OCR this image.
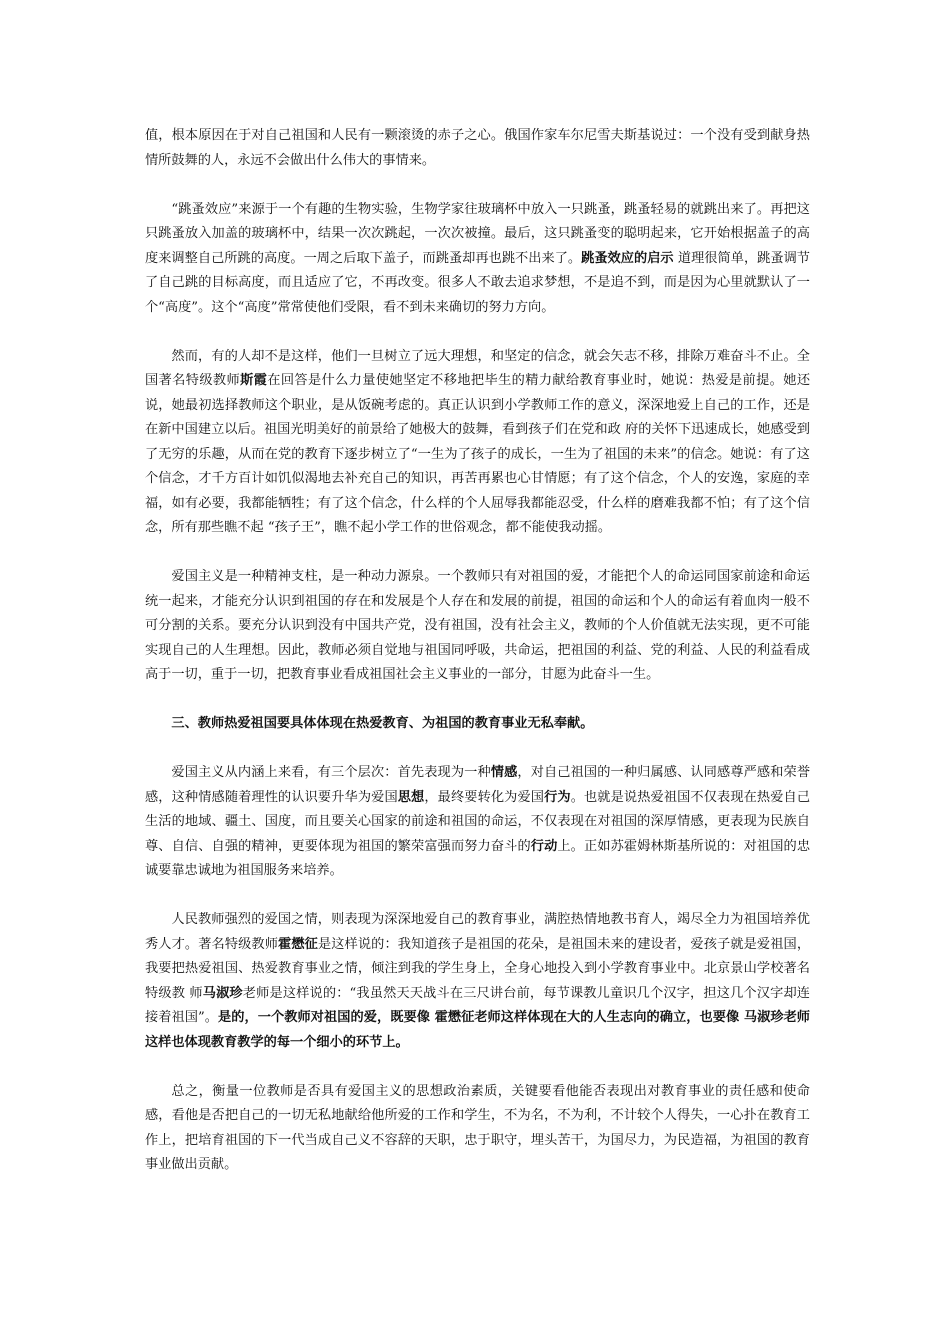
值，根本原因在于对自己祖国和人民有一颗滚烫的赤子之心。俄国作家车尔尼雪夫斯基说过：一个没有受到献身热情所鼓舞的人，永远不会做出什么伟大的事情来。

“跳蚤效应”来源于一个有趣的生物实验，生物学家往玻璃杯中放入一只跳蚤，跳蚤轻易的就跳出来了。再把这只跳蚤放入加盖的玻璃杯中，结果一次次跳起，一次次被撞。最后，这只跳蚤变的聪明起来，它开始根据盖子的高度来调整自己所跳的高度。一周之后取下盖子，而跳蚤却再也跳不出来了。跳蚤效应的启示 道理很简单，跳蚤调节了自己跳的目标高度，而且适应了它，不再改变。很多人不敢去追求梦想，不是追不到，而是因为心里就默认了一个“高度”。这个“高度”常常使他们受限，看不到未来确切的努力方向。

然而，有的人却不是这样，他们一旦树立了远大理想，和坚定的信念，就会矢志不移，排除万难奋斗不止。全国著名特级教师斯霞在回答是什么力量使她坚定不移地把毕生的精力献给教育事业时，她说：热爱是前提。她还说，她最初选择教师这个职业，是从饭碗考虑的。真正认识到小学教师工作的意义，深深地爱上自己的工作，还是在新中国建立以后。祖国光明美好的前景给了她极大的鼓舞，看到孩子们在党和政 府的关怀下迅速成长，她感受到了无穷的乐趣，从而在党的教育下逐步树立了“一生为了孩子的成长，一生为了祖国的未来”的信念。她说：有了这个信念，才千方百计如饥似渴地去补充自己的知识，再苦再累也心甘情愿；有了这个信念，个人的安逸，家庭的幸福，如有必要，我都能牺牲；有了这个信念，什么样的个人屈辱我都能忍受，什么样的磨难我都不怕；有了这个信念，所有那些瞧不起 “孩子王”，瞧不起小学工作的世俗观念，都不能使我动摇。

爱国主义是一种精神支柱，是一种动力源泉。一个教师只有对祖国的爱，才能把个人的命运同国家前途和命运统一起来，才能充分认识到祖国的存在和发展是个人存在和发展的前提，祖国的命运和个人的命运有着血肉一般不可分割的关系。要充分认识到没有中国共产党，没有祖国，没有社会主义，教师的个人价值就无法实现，更不可能实现自己的人生理想。因此，教师必须自觉地与祖国同呼吸，共命运，把祖国的利益、党的利益、人民的利益看成高于一切，重于一切，把教育事业看成祖国社会主义事业的一部分，甘愿为此奋斗一生。

三、教师热爱祖国要具体体现在热爱教育、为祖国的教育事业无私奉献。

爱国主义从内涵上来看，有三个层次：首先表现为一种情感，对自己祖国的一种归属感、认同感尊严感和荣誉感，这种情感随着理性的认识要升华为爱国思想，最终要转化为爱国行为。也就是说热爱祖国不仅表现在热爱自己生活的地域、疆土、国度，而且要关心国家的前途和祖国的命运，不仅表现在对祖国的深厚情感，更表现为民族自尊、自信、自强的精神，更要体现为祖国的繁荣富强而努力奋斗的行动上。正如苏霍姆林斯基所说的：对祖国的忠诚要靠忠诚地为祖国服务来培养。

人民教师强烈的爱国之情，则表现为深深地爱自己的教育事业，满腔热情地教书育人，竭尽全力为祖国培养优秀人才。著名特级教师霍懋征是这样说的：我知道孩子是祖国的花朵，是祖国未来的建设者，爱孩子就是爱祖国，我要把热爱祖国、热爱教育事业之情，倾注到我的学生身上，全身心地投入到小学教育事业中。北京景山学校著名特级教 师马淑珍老师是这样说的：“我虽然天天战斗在三尺讲台前，每节课教儿童识几个汉字，担这几个汉字却连接着祖国”。是的，一个教师对祖国的爱，既要像 霍懋征老师这样体现在大的人生志向的确立，也要像 马淑珍老师这样也体现教育教学的每一个细小的环节上。

总之，衡量一位教师是否具有爱国主义的思想政治素质，关键要看他能否表现出对教育事业的责任感和使命感，看他是否把自己的一切无私地献给他所爱的工作和学生，不为名，不为利，不计较个人得失，一心扑在教育工作上，把培育祖国的下一代当成自己义不容辞的天职，忠于职守，埋头苦干，为国尽力，为民造福，为祖国的教育事业做出贡献。
